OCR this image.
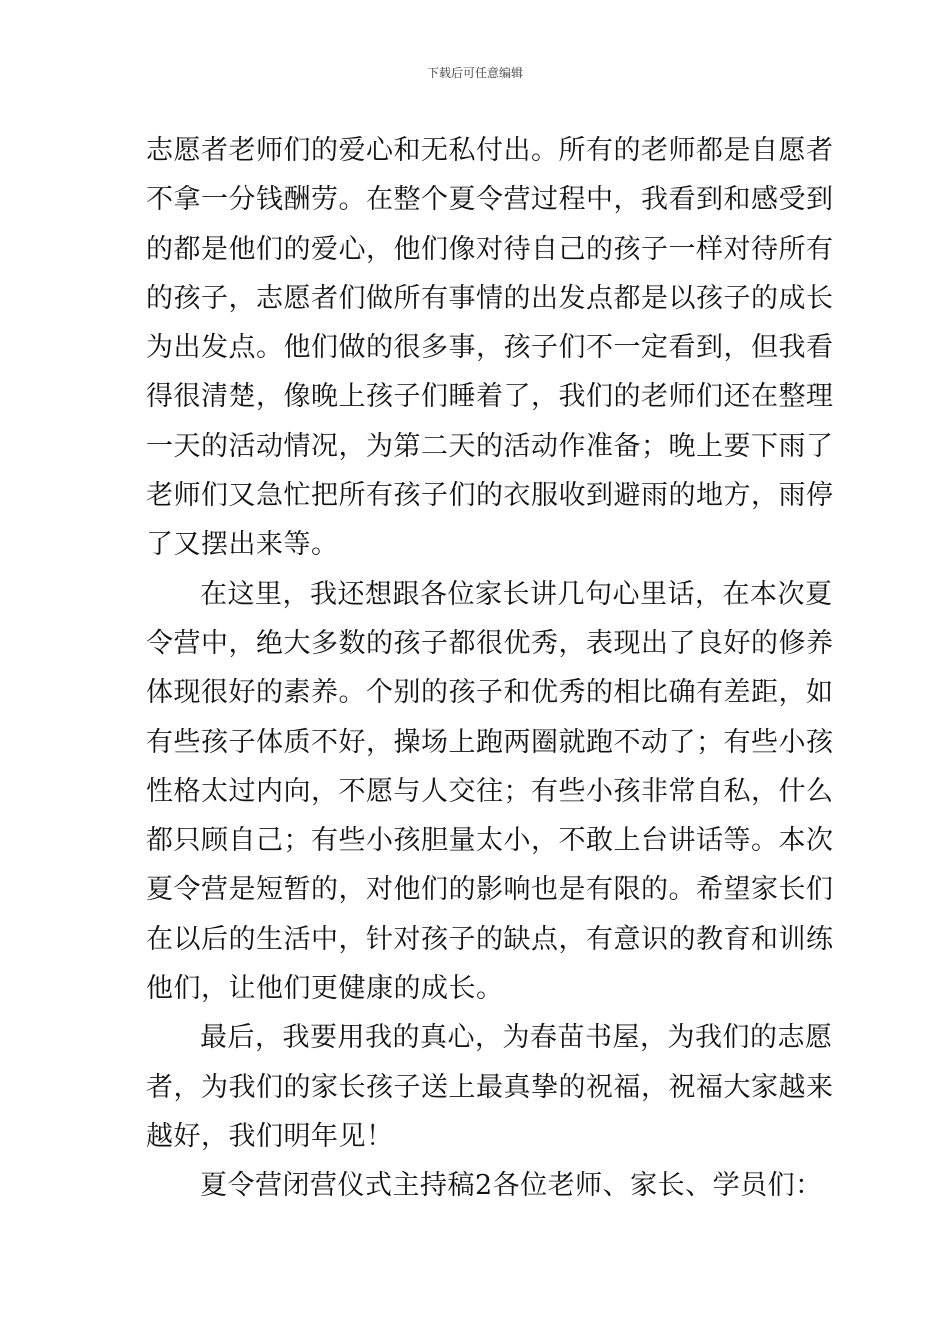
下载后可任意编辑
志愿者老师们的爱心和无私付出。所有的老师都是自愿者
不拿一分钱酬劳。在整个夏令营过程中，我看到和感受到
的都是他们的爱心，他们像对待自己的孩子一样对待所有
的孩子，志愿者们做所有事情的出发点都是以孩子的成长
为出发点。他们做的很多事，孩子们不一定看到，但我看
得很清楚，像晚上孩子们睡着了，我们的老师们还在整理
一天的活动情况，为第二天的活动作准备；晚上要下雨了
老师们又急忙把所有孩子们的衣服收到避雨的地方，雨停
了又摆出来等。
在这里，我还想跟各位家长讲几句心里话，在本次夏
令营中，绝大多数的孩子都很优秀，表现出了良好的修养
体现很好的素养。个别的孩子和优秀的相比确有差距，如
有些孩子体质不好，操场上跑两圈就跑不动了；有些小孩
性格太过内向，不愿与人交往；有些小孩非常自私，什么
都只顾自己；有些小孩胆量太小，不敢上台讲话等。本次
夏令营是短暂的，对他们的影响也是有限的。希望家长们
在以后的生活中，针对孩子的缺点，有意识的教育和训练
他们，让他们更健康的成长。
最后，我要用我的真心，为春苗书屋，为我们的志愿
者，为我们的家长孩子送上最真挚的祝福，祝福大家越来
越好，我们明年见！
夏令营闭营仪式主持稿2各位老师、家长、学员们：
